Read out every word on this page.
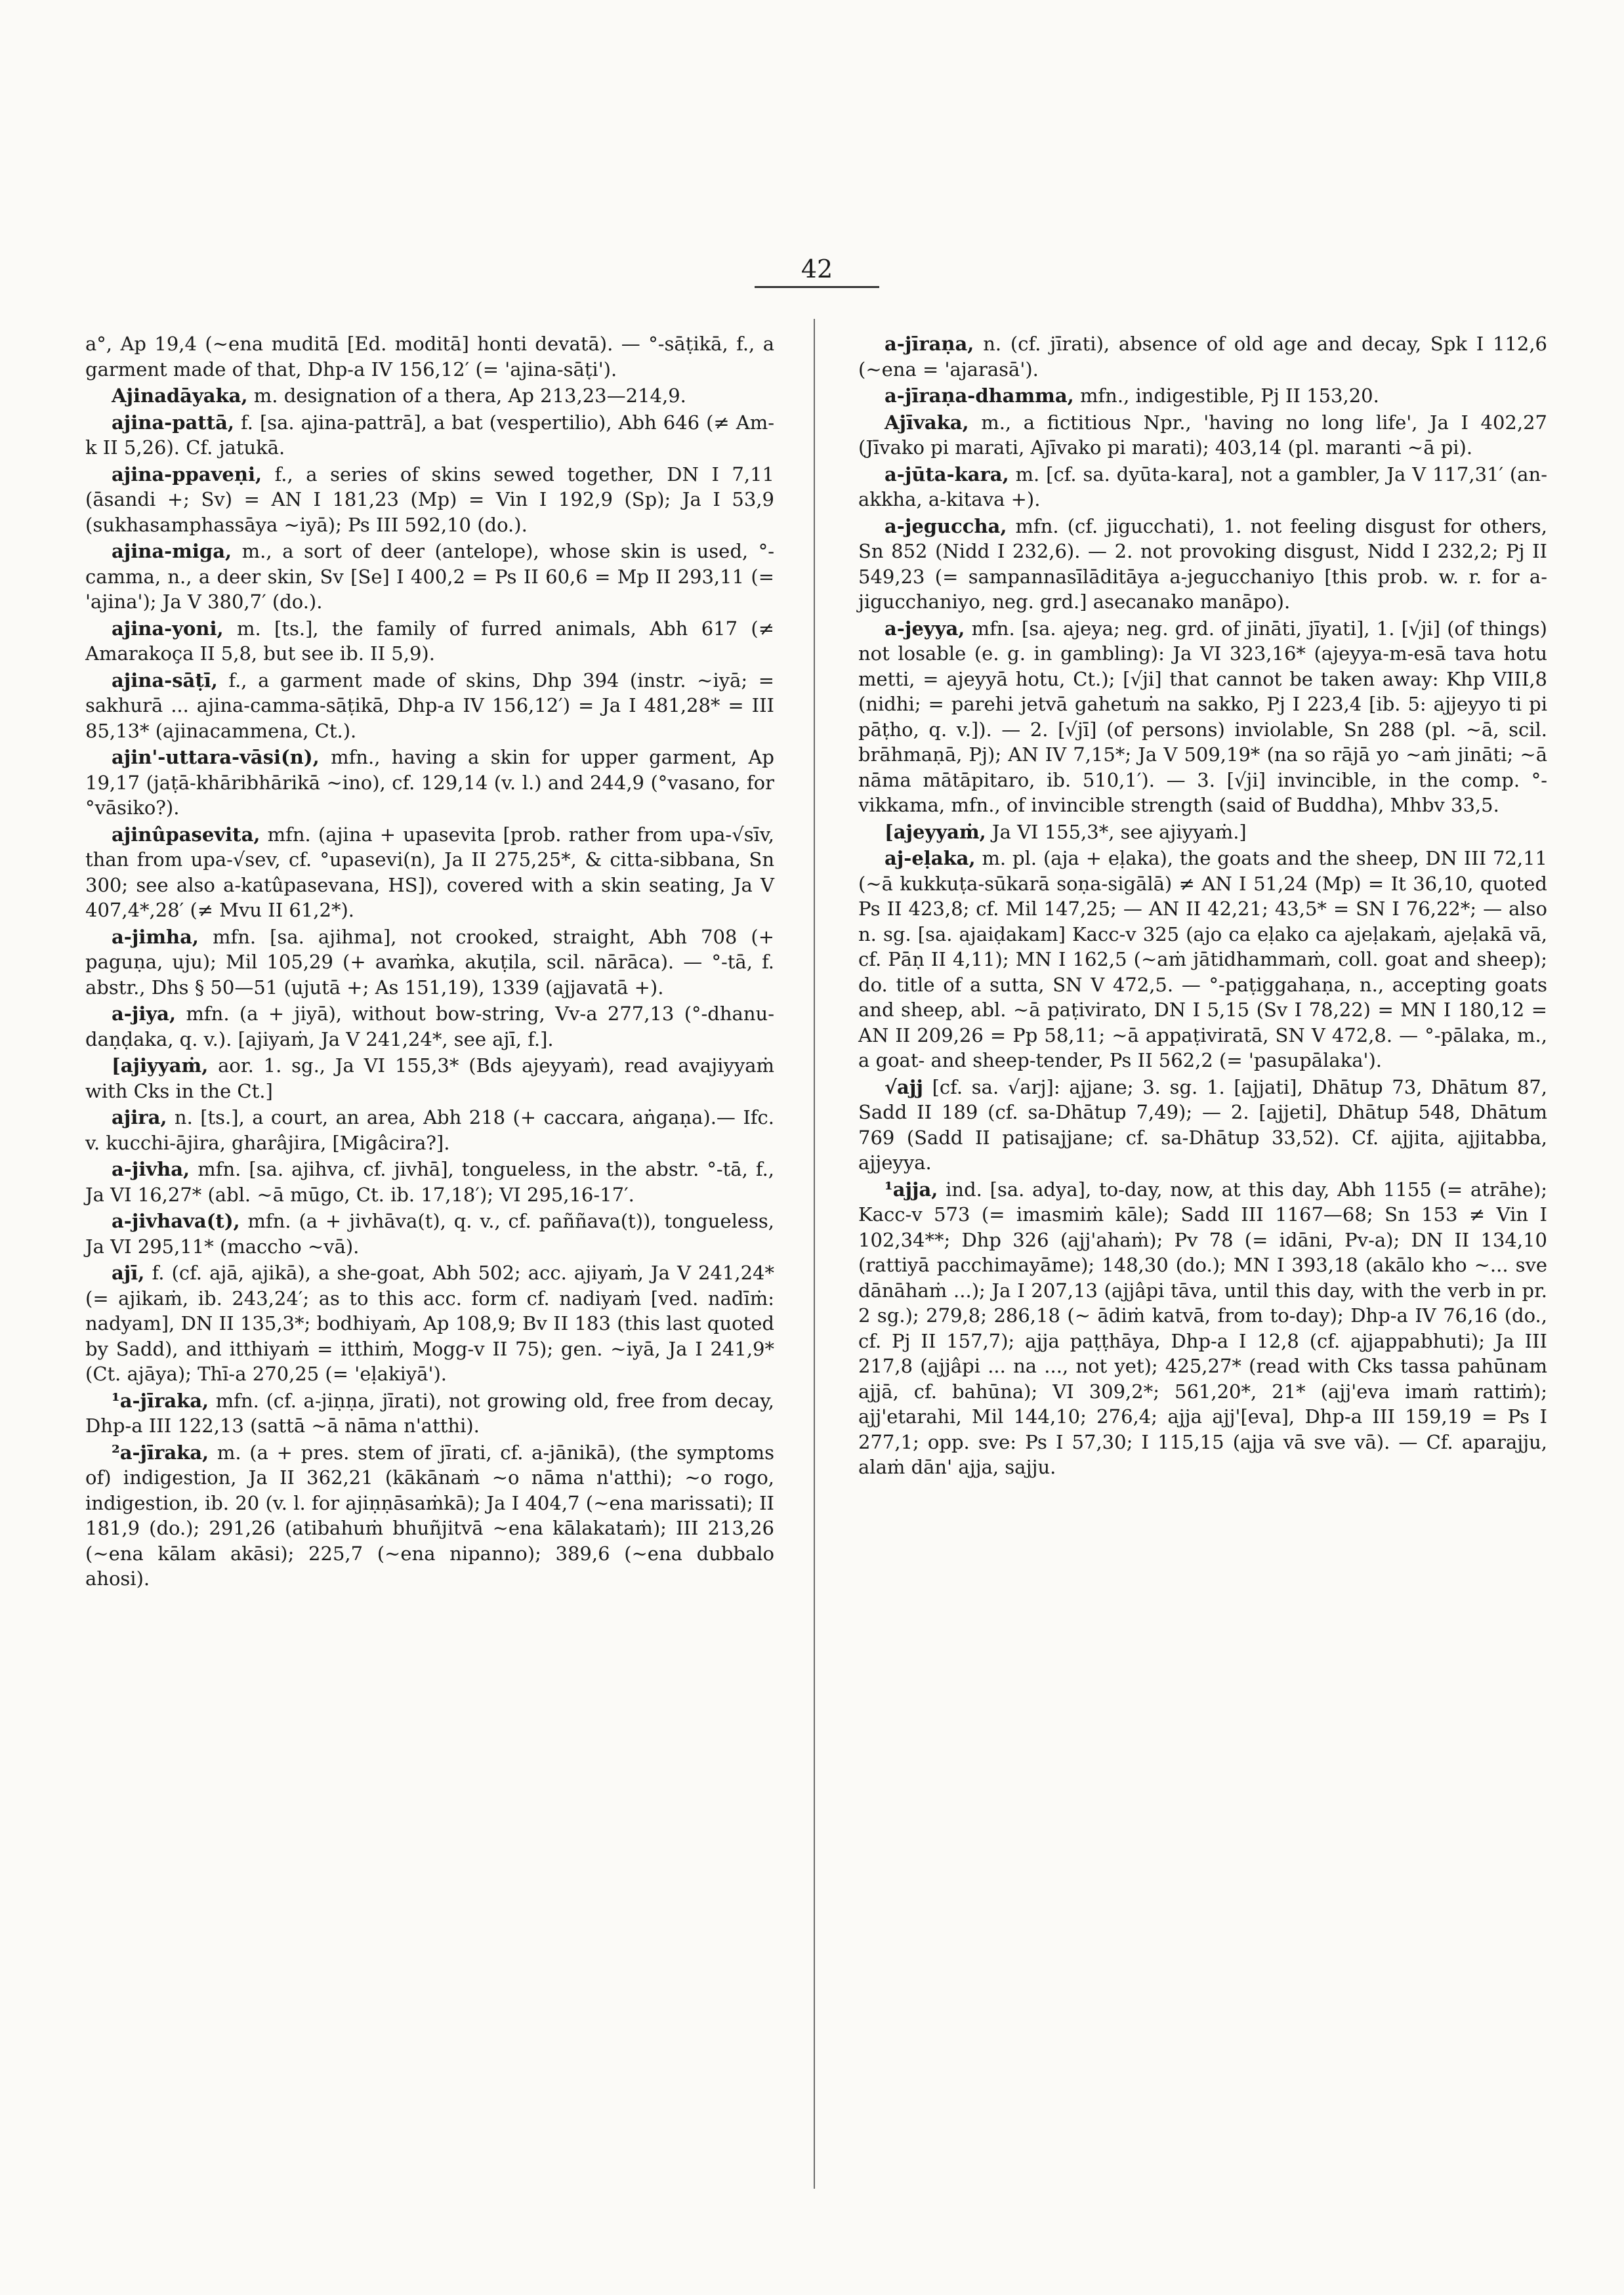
42

a°, Ap 19,4 (~ena muditā [Ed. moditā] honti devatā). — °-sāṭikā, f., a garment made of that, Dhp-a IV 156,12′ (= 'ajina-sāṭi').

Ajinadāyaka, m. designation of a thera, Ap 213,23—214,9.

ajina-pattā, f. [sa. ajina-pattrā], a bat (vespertilio), Abh 646 (≠ Am-k II 5,26). Cf. jatukā.

ajina-ppaveṇi, f., a series of skins sewed together, DN I 7,11 (āsandi +; Sv) = AN I 181,23 (Mp) = Vin I 192,9 (Sp); Ja I 53,9 (sukhasamphassāya ~iyā); Ps III 592,10 (do.).

ajina-miga, m., a sort of deer (antelope), whose skin is used, °-camma, n., a deer skin, Sv [Se] I 400,2 = Ps II 60,6 = Mp II 293,11 (= 'ajina'); Ja V 380,7′ (do.).

ajina-yoni, m. [ts.], the family of furred animals, Abh 617 (≠ Amarakoça II 5,8, but see ib. II 5,9).

ajina-sāṭī, f., a garment made of skins, Dhp 394 (instr. ~iyā; = sakhurā ... ajina-camma-sāṭikā, Dhp-a IV 156,12′) = Ja I 481,28* = III 85,13* (ajinacammena, Ct.).

ajin'-uttara-vāsi(n), mfn., having a skin for upper garment, Ap 19,17 (jaṭā-khāribhārikā ~ino), cf. 129,14 (v. l.) and 244,9 (°vasano, for °vāsiko?).

ajinûpasevita, mfn. (ajina + upasevita [prob. rather from upa-√sīv, than from upa-√sev, cf. °upasevi(n), Ja II 275,25*, & citta-sibbana, Sn 300; see also a-katûpasevana, HS]), covered with a skin seating, Ja V 407,4*,28′ (≠ Mvu II 61,2*).

a-jimha, mfn. [sa. ajihma], not crooked, straight, Abh 708 (+ paguṇa, uju); Mil 105,29 (+ avaṁka, akuṭila, scil. nārāca). — °-tā, f. abstr., Dhs § 50—51 (ujutā +; As 151,19), 1339 (ajjavatā +).

a-jiya, mfn. (a + jiyā), without bow-string, Vv-a 277,13 (°-dhanu-daṇḍaka, q. v.). [ajiyaṁ, Ja V 241,24*, see ajī, f.].

[ajiyyaṁ, aor. 1. sg., Ja VI 155,3* (Bds ajeyyaṁ), read avajiyyaṁ with Cks in the Ct.]

ajira, n. [ts.], a court, an area, Abh 218 (+ caccara, aṅgaṇa).— Ifc. v. kucchi-ājira, gharâjira, [Migâcira?].

a-jivha, mfn. [sa. ajihva, cf. jivhā], tongueless, in the abstr. °-tā, f., Ja VI 16,27* (abl. ~ā mūgo, Ct. ib. 17,18′); VI 295,16-17′.

a-jivhava(t), mfn. (a + jivhāva(t), q. v., cf. paññava(t)), tongueless, Ja VI 295,11* (macchο ~vā).

ajī, f. (cf. ajā, ajikā), a she-goat, Abh 502; acc. ajiyaṁ, Ja V 241,24* (= ajikaṁ, ib. 243,24′; as to this acc. form cf. nadiyaṁ [ved. nadīṁ: nadyam], DN II 135,3*; bodhiyaṁ, Ap 108,9; Bv II 183 (this last quoted by Sadd), and itthiyaṁ = itthiṁ, Mogg-v II 75); gen. ~iyā, Ja I 241,9* (Ct. ajāya); Thī-a 270,25 (= 'eḷakiyā').

¹a-jīraka, mfn. (cf. a-jiṇṇa, jīrati), not growing old, free from decay, Dhp-a III 122,13 (sattā ~ā nāma n'atthi).

²a-jīraka, m. (a + pres. stem of jīrati, cf. a-jānikā), (the symptoms of) indigestion, Ja II 362,21 (kākānaṁ ~o nāma n'atthi); ~o rogo, indigestion, ib. 20 (v. l. for ajiṇṇāsaṁkā); Ja I 404,7 (~ena marissati); II 181,9 (do.); 291,26 (atibahuṁ bhuñjitvā ~ena kālakataṁ); III 213,26 (~ena kālam akāsi); 225,7 (~ena nipanno); 389,6 (~ena dubbalo ahosi).

a-jīraṇa, n. (cf. jīrati), absence of old age and decay, Spk I 112,6 (~ena = 'ajarasā').

a-jīraṇa-dhamma, mfn., indigestible, Pj II 153,20.

Ajīvaka, m., a fictitious Npr., 'having no long life', Ja I 402,27 (Jīvako pi marati, Ajīvako pi marati); 403,14 (pl. maranti ~ā pi).

a-jūta-kara, m. [cf. sa. dyūta-kara], not a gambler, Ja V 117,31′ (an-akkha, a-kitava +).

a-jeguccha, mfn. (cf. jigucchati), 1. not feeling disgust for others, Sn 852 (Nidd I 232,6). — 2. not provoking disgust, Nidd I 232,2; Pj II 549,23 (= sampannasīlāditāya a-jegucchaniyo [this prob. w. r. for a-jigucchaniyo, neg. grd.] asecanako manāpo).

a-jeyya, mfn. [sa. ajeya; neg. grd. of jināti, jīyati], 1. [√ji] (of things) not losable (e. g. in gambling): Ja VI 323,16* (ajeyya-m-esā tava hotu metti, = ajeyyā hotu, Ct.); [√ji] that cannot be taken away: Khp VIII,8 (nidhi; = parehi jetvā gahetuṁ na sakko, Pj I 223,4 [ib. 5: ajjeyyo ti pi pāṭho, q. v.]). — 2. [√jī] (of persons) inviolable, Sn 288 (pl. ~ā, scil. brāhmaṇā, Pj); AN IV 7,15*; Ja V 509,19* (na so rājā yo ~aṁ jināti; ~ā nāma mātāpitaro, ib. 510,1′). — 3. [√ji] invincible, in the comp. °-vikkama, mfn., of invincible strength (said of Buddha), Mhbv 33,5.

[ajeyyaṁ, Ja VI 155,3*, see ajiyyaṁ.]

aj-eḷaka, m. pl. (aja + eḷaka), the goats and the sheep, DN III 72,11 (~ā kukkuṭa-sūkarā soṇa-sigālā) ≠ AN I 51,24 (Mp) = It 36,10, quoted Ps II 423,8; cf. Mil 147,25; — AN II 42,21; 43,5* = SN I 76,22*; — also n. sg. [sa. ajaiḍakam] Kacc-v 325 (ajo ca eḷako ca ajeḷakaṁ, ajeḷakā vā, cf. Pāṇ II 4,11); MN I 162,5 (~aṁ jātidhammaṁ, coll. goat and sheep); do. title of a sutta, SN V 472,5. — °-paṭiggahaṇa, n., accepting goats and sheep, abl. ~ā paṭivirato, DN I 5,15 (Sv I 78,22) = MN I 180,12 = AN II 209,26 = Pp 58,11; ~ā appaṭiviratā, SN V 472,8. — °-pālaka, m., a goat- and sheep-tender, Ps II 562,2 (= 'pasupālaka').

√ajj [cf. sa. √arj]: ajjane; 3. sg. 1. [ajjati], Dhātup 73, Dhātum 87, Sadd II 189 (cf. sa-Dhātup 7,49); — 2. [ajjeti], Dhātup 548, Dhātum 769 (Sadd II patisajjane; cf. sa-Dhātup 33,52). Cf. ajjita, ajjitabba, ajjeyya.

¹ajja, ind. [sa. adya], to-day, now, at this day, Abh 1155 (= atrāhe); Kacc-v 573 (= imasmiṁ kāle); Sadd III 1167—68; Sn 153 ≠ Vin I 102,34**; Dhp 326 (ajj'ahaṁ); Pv 78 (= idāni, Pv-a); DN II 134,10 (rattiyā pacchimayāme); 148,30 (do.); MN I 393,18 (akālo kho ~... sve dānāhaṁ ...); Ja I 207,13 (ajjâpi tāva, until this day, with the verb in pr. 2 sg.); 279,8; 286,18 (~ ādiṁ katvā, from to-day); Dhp-a IV 76,16 (do., cf. Pj II 157,7); ajja paṭṭhāya, Dhp-a I 12,8 (cf. ajjappabhuti); Ja III 217,8 (ajjâpi ... na ..., not yet); 425,27* (read with Cks tassa pahūnam ajjā, cf. bahūna); VI 309,2*; 561,20*, 21* (ajj'eva imaṁ rattiṁ); ajj'etarahi, Mil 144,10; 276,4; ajja ajj'[eva], Dhp-a III 159,19 = Ps I 277,1; opp. sve: Ps I 57,30; I 115,15 (ajja vā sve vā). — Cf. aparajju, alaṁ dān' ajja, sajju.
